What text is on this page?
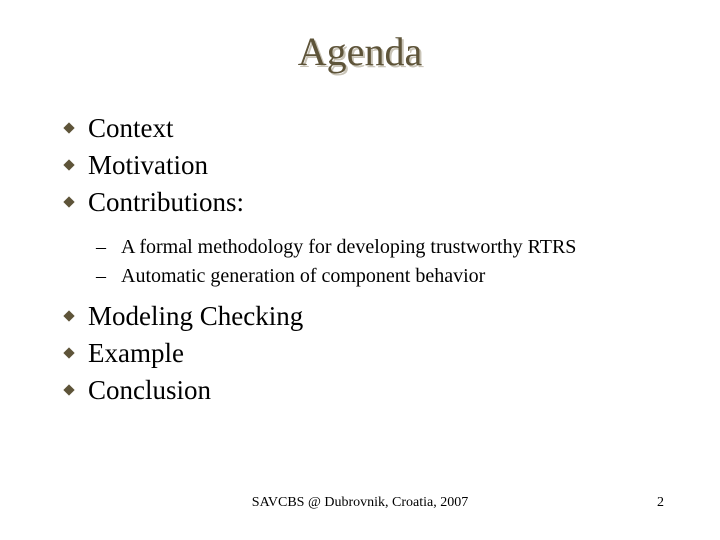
Agenda
Context
Motivation
Contributions:
– A formal methodology for developing trustworthy RTRS
– Automatic generation of component behavior
Modeling Checking
Example
Conclusion
SAVCBS @ Dubrovnik, Croatia, 2007	2
